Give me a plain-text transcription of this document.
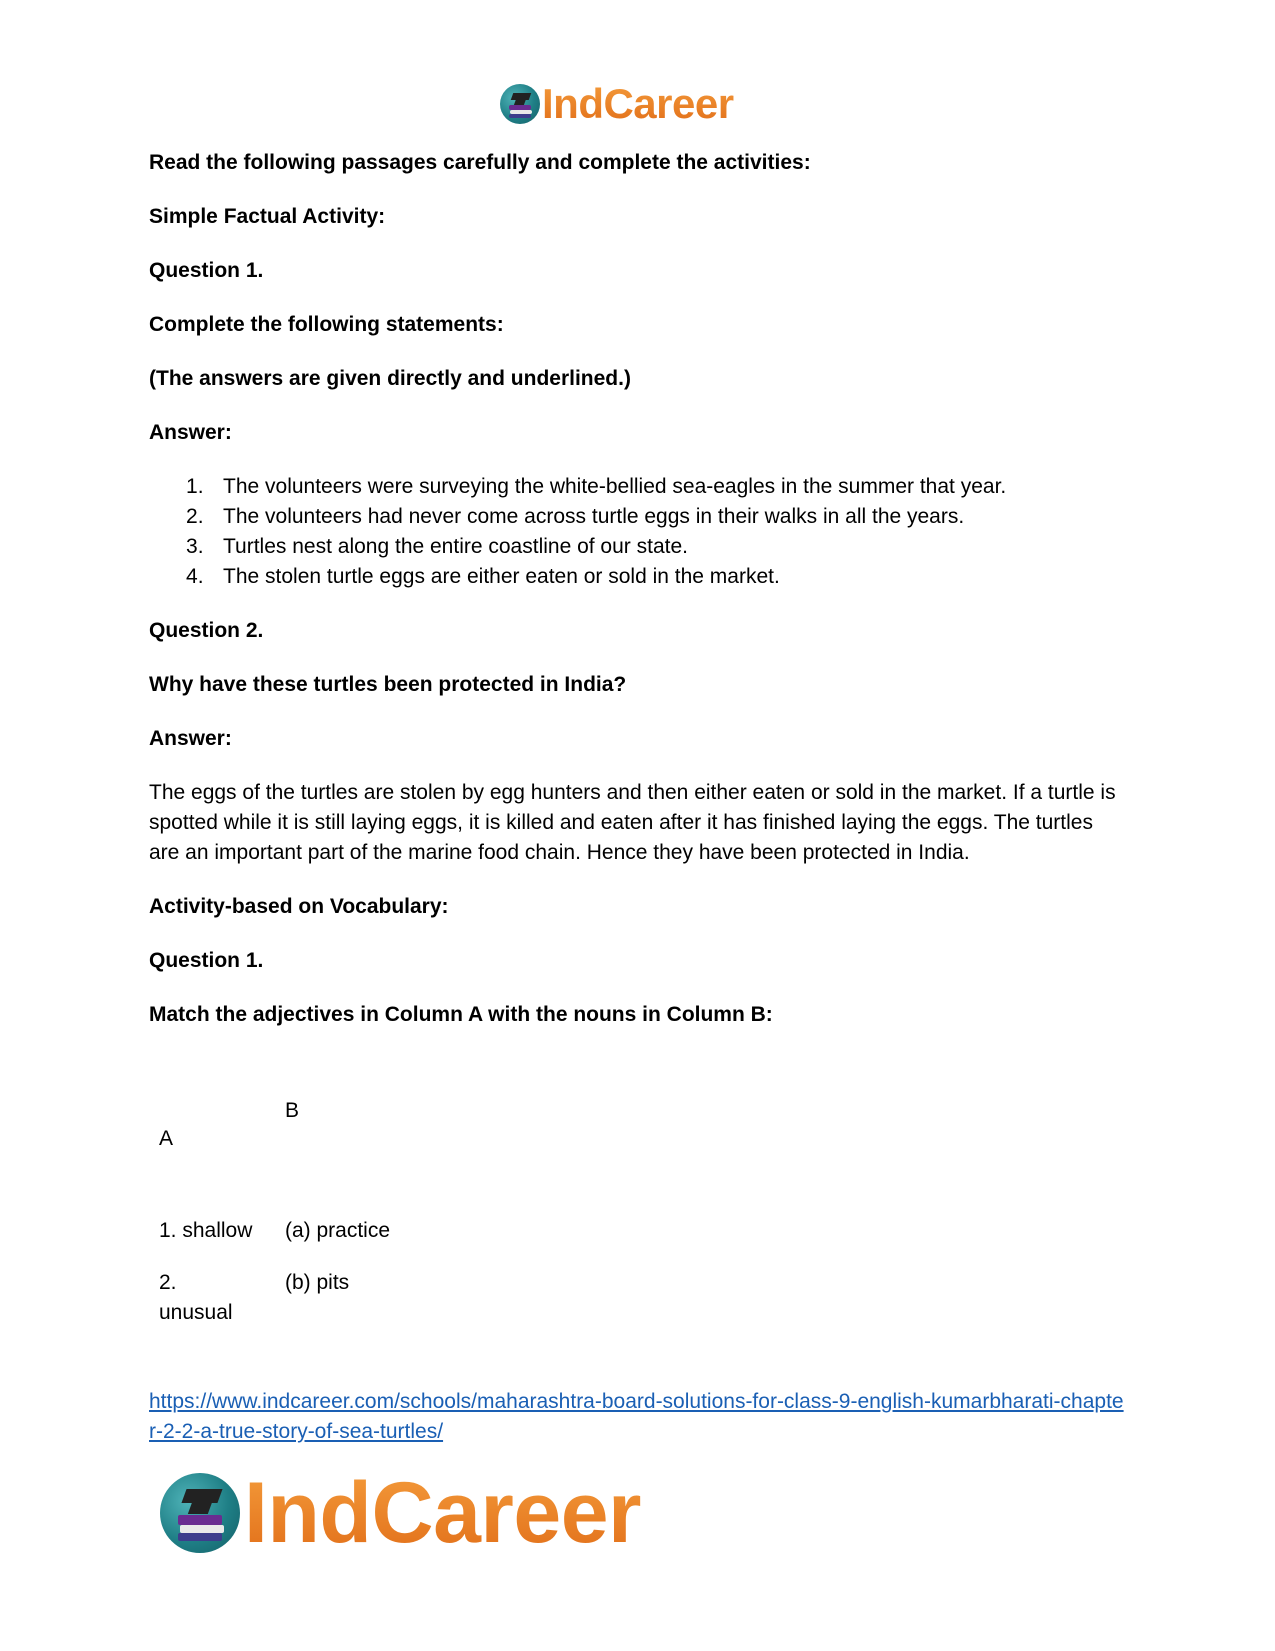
IndCareer

Read the following passages carefully and complete the activities:

Simple Factual Activity:

Question 1.

Complete the following statements:

(The answers are given directly and underlined.)

Answer:

The volunteers were surveying the white-bellied sea-eagles in the summer that year.
The volunteers had never come across turtle eggs in their walks in all the years.
Turtles nest along the entire coastline of our state.
The stolen turtle eggs are either eaten or sold in the market.

Question 2.

Why have these turtles been protected in India?

Answer:

The eggs of the turtles are stolen by egg hunters and then either eaten or sold in the market. If a turtle is spotted while it is still laying eggs, it is killed and eaten after it has finished laying the eggs. The turtles are an important part of the marine food chain. Hence they have been protected in India.

Activity-based on Vocabulary:

Question 1.

Match the adjectives in Column A with the nouns in Column B:

A	B
1. shallow	(a) practice

2.
unusual	(b) pits
https://www.indcareer.com/schools/maharashtra-board-solutions-for-class-9-english-kumarbharati-chapter-2-2-a-true-story-of-sea-turtles/
IndCareer
